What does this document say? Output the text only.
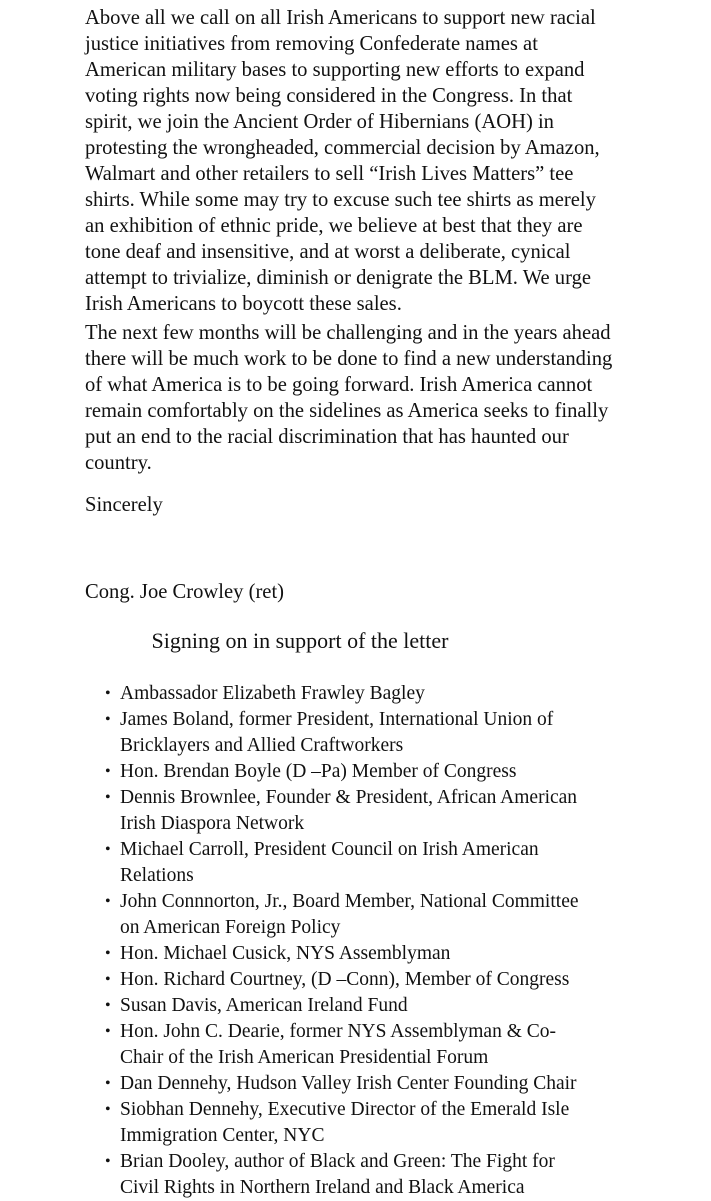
Above all we call on all Irish Americans to support new racial
justice initiatives from removing Confederate names at
American military bases to supporting new efforts to expand
voting rights now being considered in the Congress. In that
spirit, we join the Ancient Order of Hibernians (AOH) in
protesting the wrongheaded, commercial decision by Amazon,
Walmart and other retailers to sell “Irish Lives Matters” tee
shirts. While some may try to excuse such tee shirts as merely
an exhibition of ethnic pride, we believe at best that they are
tone deaf and insensitive, and at worst a deliberate, cynical
attempt to trivialize, diminish or denigrate the BLM. We urge
Irish Americans to boycott these sales.

The next few months will be challenging and in the years ahead
there will be much work to be done to find a new understanding
of what America is to be going forward. Irish America cannot
remain comfortably on the sidelines as America seeks to finally
put an end to the racial discrimination that has haunted our
country.

Sincerely

Cong. Joe Crowley (ret)

Signing on in support of the letter
• Ambassador Elizabeth Frawley Bagley
• James Boland, former President, International Union of
Bricklayers and Allied Craftworkers
• Hon. Brendan Boyle (D –Pa) Member of Congress
• Dennis Brownlee, Founder & President, African American
Irish Diaspora Network
• Michael Carroll, President Council on Irish American
Relations
• John Connnorton, Jr., Board Member, National Committee
on American Foreign Policy
• Hon. Michael Cusick, NYS Assemblyman
• Hon. Richard Courtney, (D –Conn), Member of Congress
• Susan Davis, American Ireland Fund
• Hon. John C. Dearie, former NYS Assemblyman & Co-
Chair of the Irish American Presidential Forum
• Dan Dennehy, Hudson Valley Irish Center Founding Chair
• Siobhan Dennehy, Executive Director of the Emerald Isle
Immigration Center, NYC
• Brian Dooley, author of Black and Green: The Fight for
Civil Rights in Northern Ireland and Black America
